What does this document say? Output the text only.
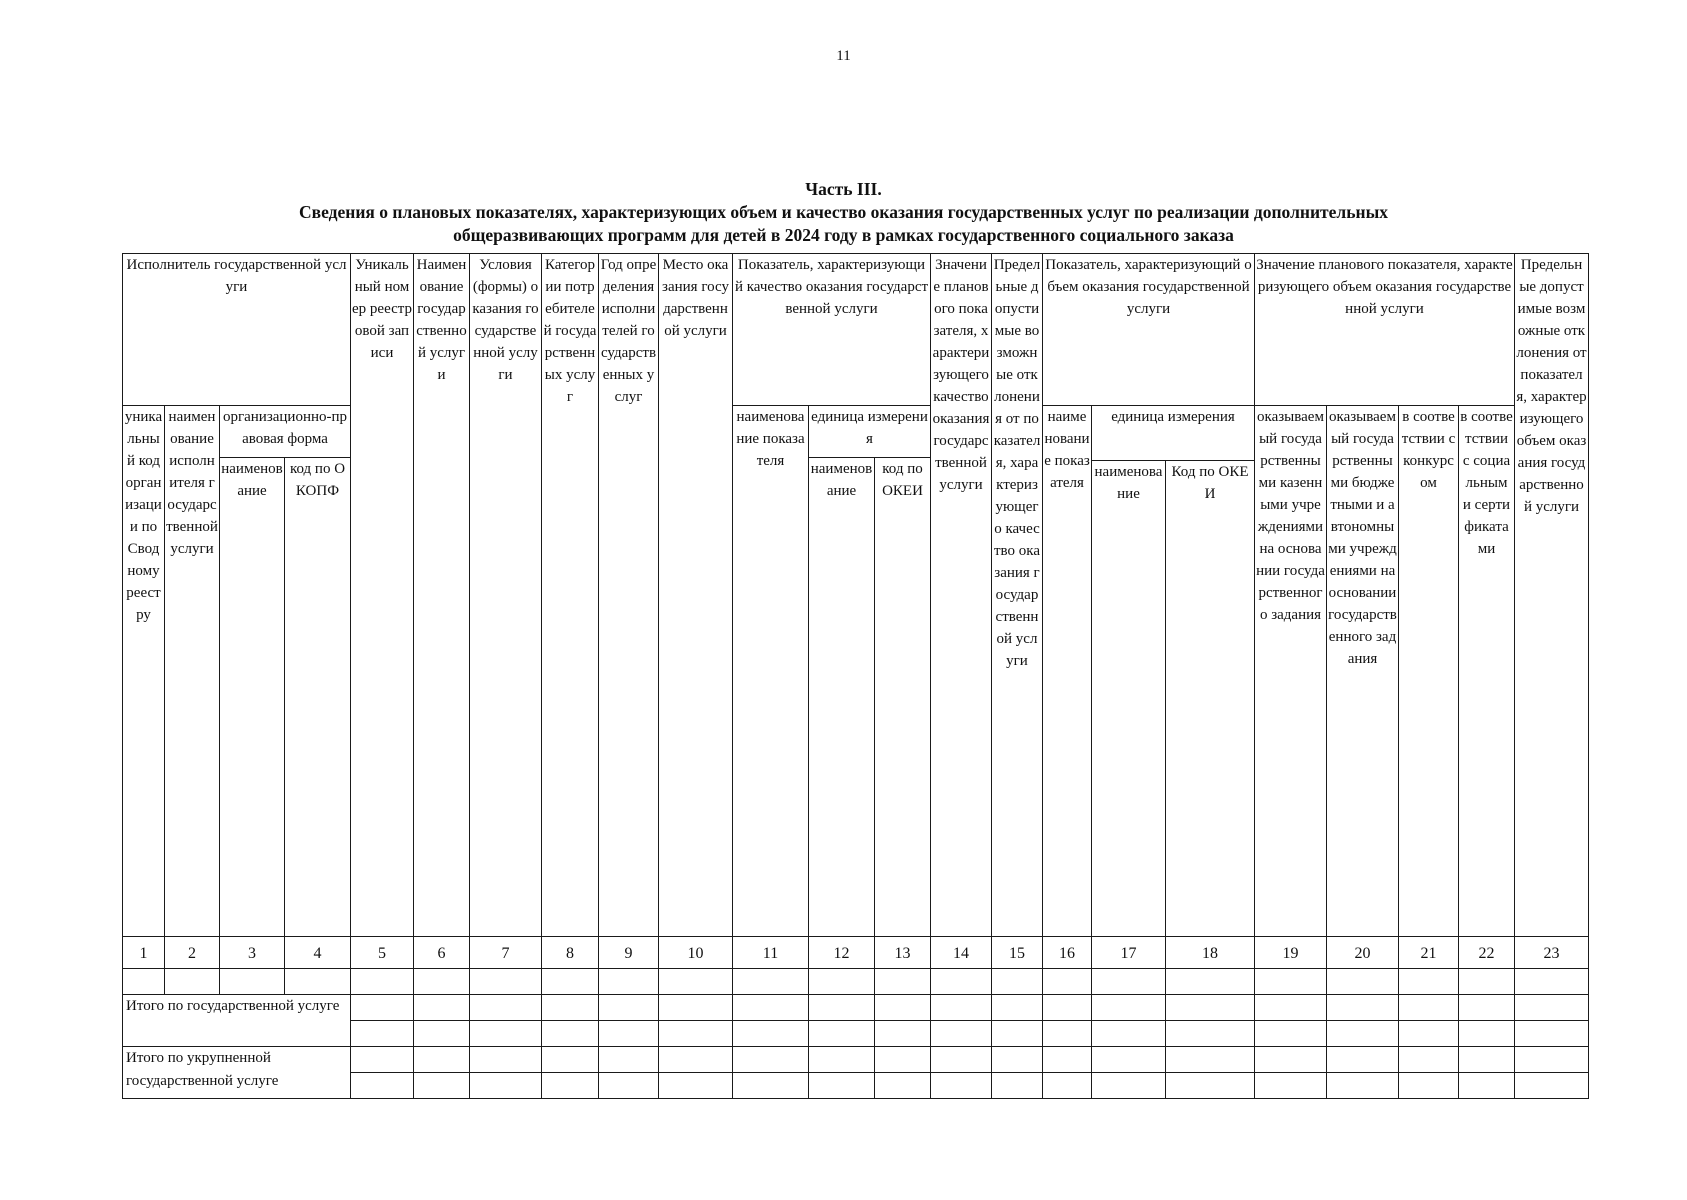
11
Часть III.
Сведения о плановых показателях, характеризующих объем и качество оказания государственных услуг по реализации дополнительных
общеразвивающих программ для детей в 2024 году в рамках государственного социального заказа
Исполнитель государственной услуги				Уникальный номер реестровой записи	Наименование государственной услуги	Условия (формы) оказания государственной услуги	Категории потребителей государственных услуг	Год определения исполнителей государственных услуг	Место оказания государственной услуги	Показатель, характеризующий качество оказания государственной услуги			Значение планового показателя, характеризующего качество оказания государственной услуги	Предельные допустимые возможные отклонения от показателя, характеризующего качество оказания государственной услуги	Показатель, характеризующий объем оказания государственной услуги			Значение планового показателя, характеризующего объем оказания государственной услуги				Предельные допустимые возможные отклонения от показателя, характеризующего объем оказания государственной услуги
уникальный код организации по Сводному реестру	наименование исполнителя государственной услуги	организационно-правовая форма								наименование показателя	единица измерения				наименование показателя	единица измерения		оказываемый государственными казенными учреждениями на основании государственного задания	оказываемый государственными бюджетными и автономными учреждениями на основании государственного задания	в соответствии с конкурсом	в соответствии с социальным и сертификатами	
		наименование	код по ОКОПФ								наименование	код по ОКЕИ										
																наименование	Код по ОКЕИ					
1	2	3	4	5	6	7	8	9	10	11	12	13	14	15	16	17	18	19	20	21	22	23

Итого по государственной услуге																						

Итого по укрупненной государственной услуге																						
